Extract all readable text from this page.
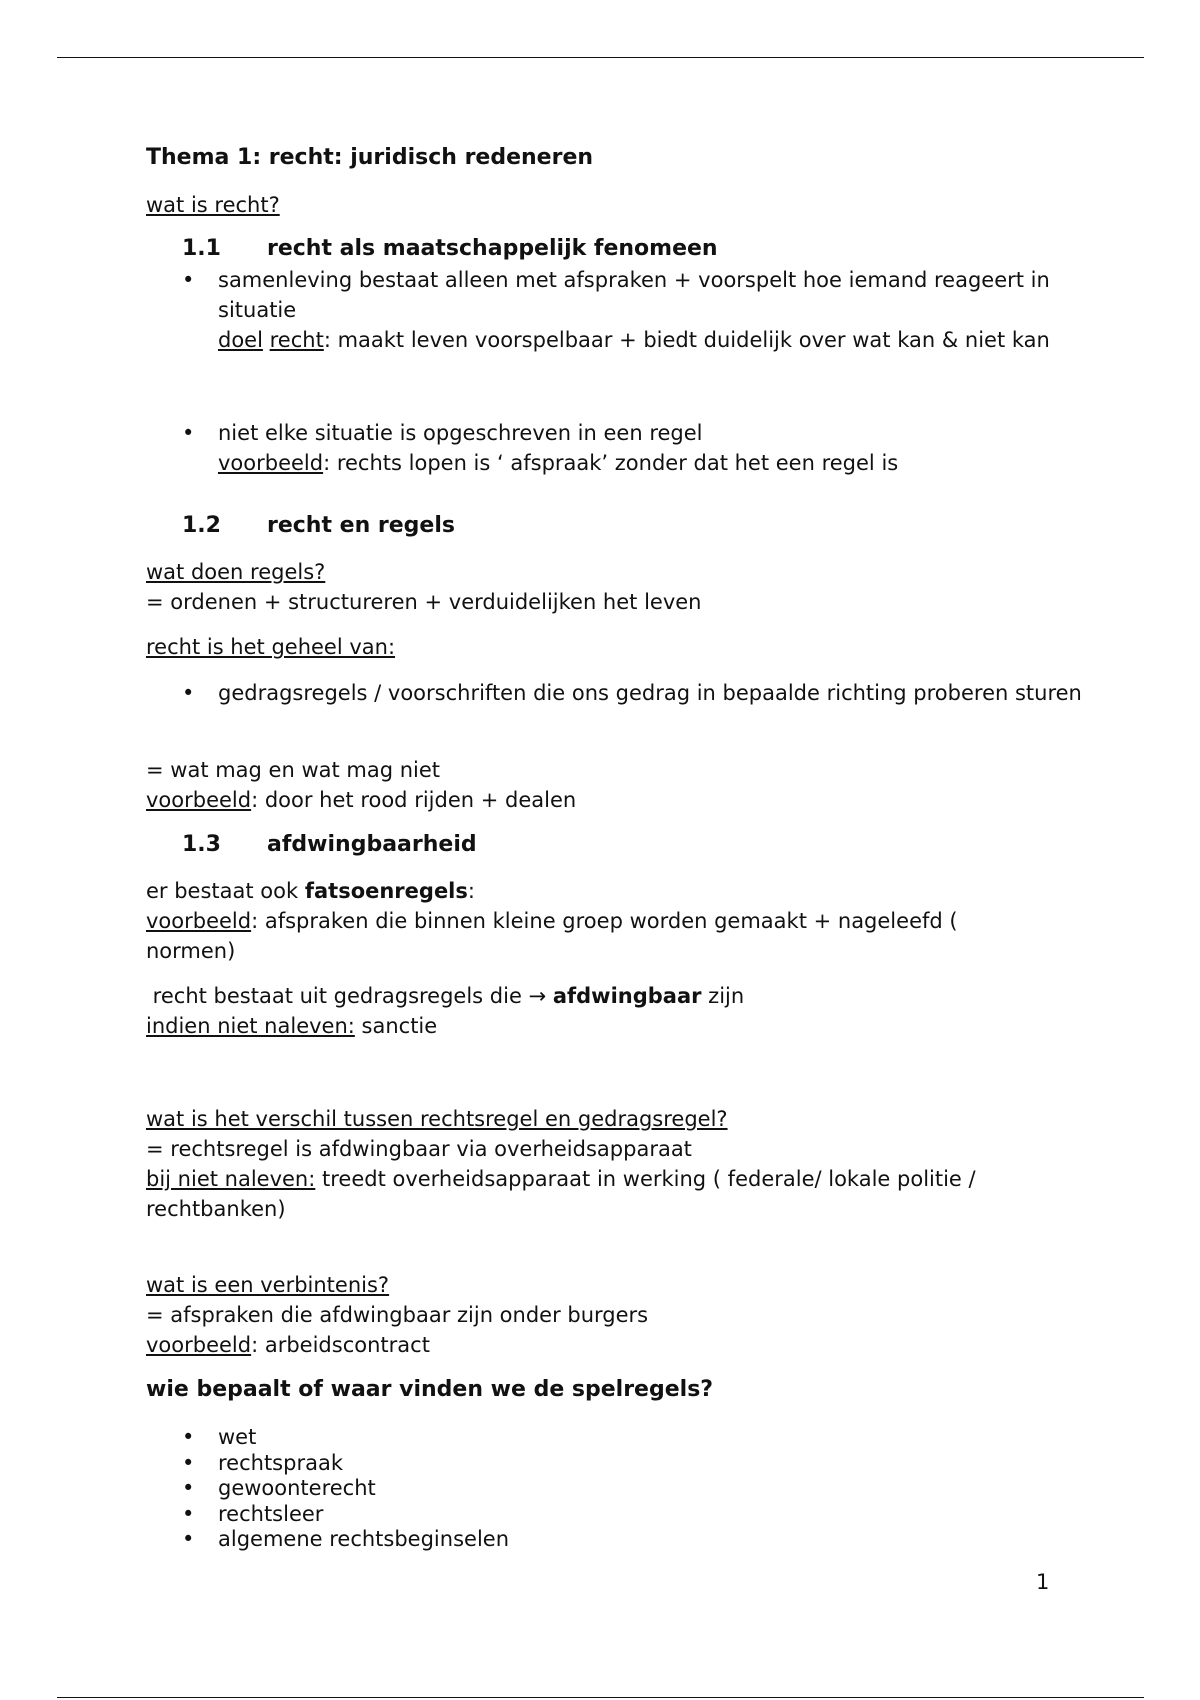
Thema 1: recht: juridisch redeneren
wat is recht?
1.1 recht als maatschappelijk fenomeen
• samenleving bestaat alleen met afspraken + voorspelt hoe iemand reageert in situatie
doel recht: maakt leven voorspelbaar + biedt duidelijk over wat kan & niet kan
• niet elke situatie is opgeschreven in een regel
voorbeeld: rechts lopen is ‘ afspraak’ zonder dat het een regel is
1.2 recht en regels
wat doen regels?
= ordenen + structureren + verduidelijken het leven
recht is het geheel van:
• gedragsregels / voorschriften die ons gedrag in bepaalde richting proberen sturen
= wat mag en wat mag niet
voorbeeld: door het rood rijden + dealen
1.3 afdwingbaarheid
er bestaat ook fatsoenregels:
voorbeeld: afspraken die binnen kleine groep worden gemaakt + nageleefd ( normen)
recht bestaat uit gedragsregels die → afdwingbaar zijn
indien niet naleven: sanctie
wat is het verschil tussen rechtsregel en gedragsregel?
= rechtsregel is afdwingbaar via overheidsapparaat
bij niet naleven: treedt overheidsapparaat in werking ( federale/ lokale politie / rechtbanken)
wat is een verbintenis?
= afspraken die afdwingbaar zijn onder burgers
voorbeeld: arbeidscontract
wie bepaalt of waar vinden we de spelregels?
• wet
• rechtspraak
• gewoonterecht
• rechtsleer
• algemene rechtsbeginselen
1
